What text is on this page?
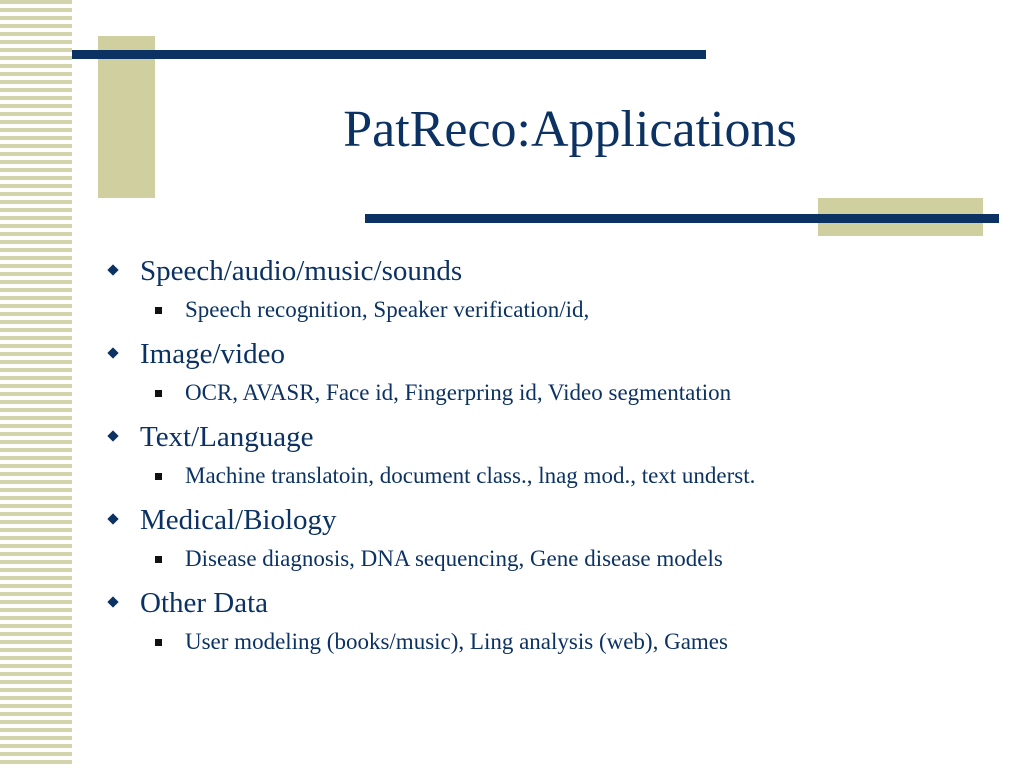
PatReco:Applications
Speech/audio/music/sounds
Speech recognition, Speaker verification/id,
Image/video
OCR, AVASR, Face id, Fingerpring id, Video segmentation
Text/Language
Machine translatoin, document class., lnag mod., text underst.
Medical/Biology
Disease diagnosis, DNA sequencing, Gene disease models
Other Data
User modeling (books/music), Ling analysis (web), Games
